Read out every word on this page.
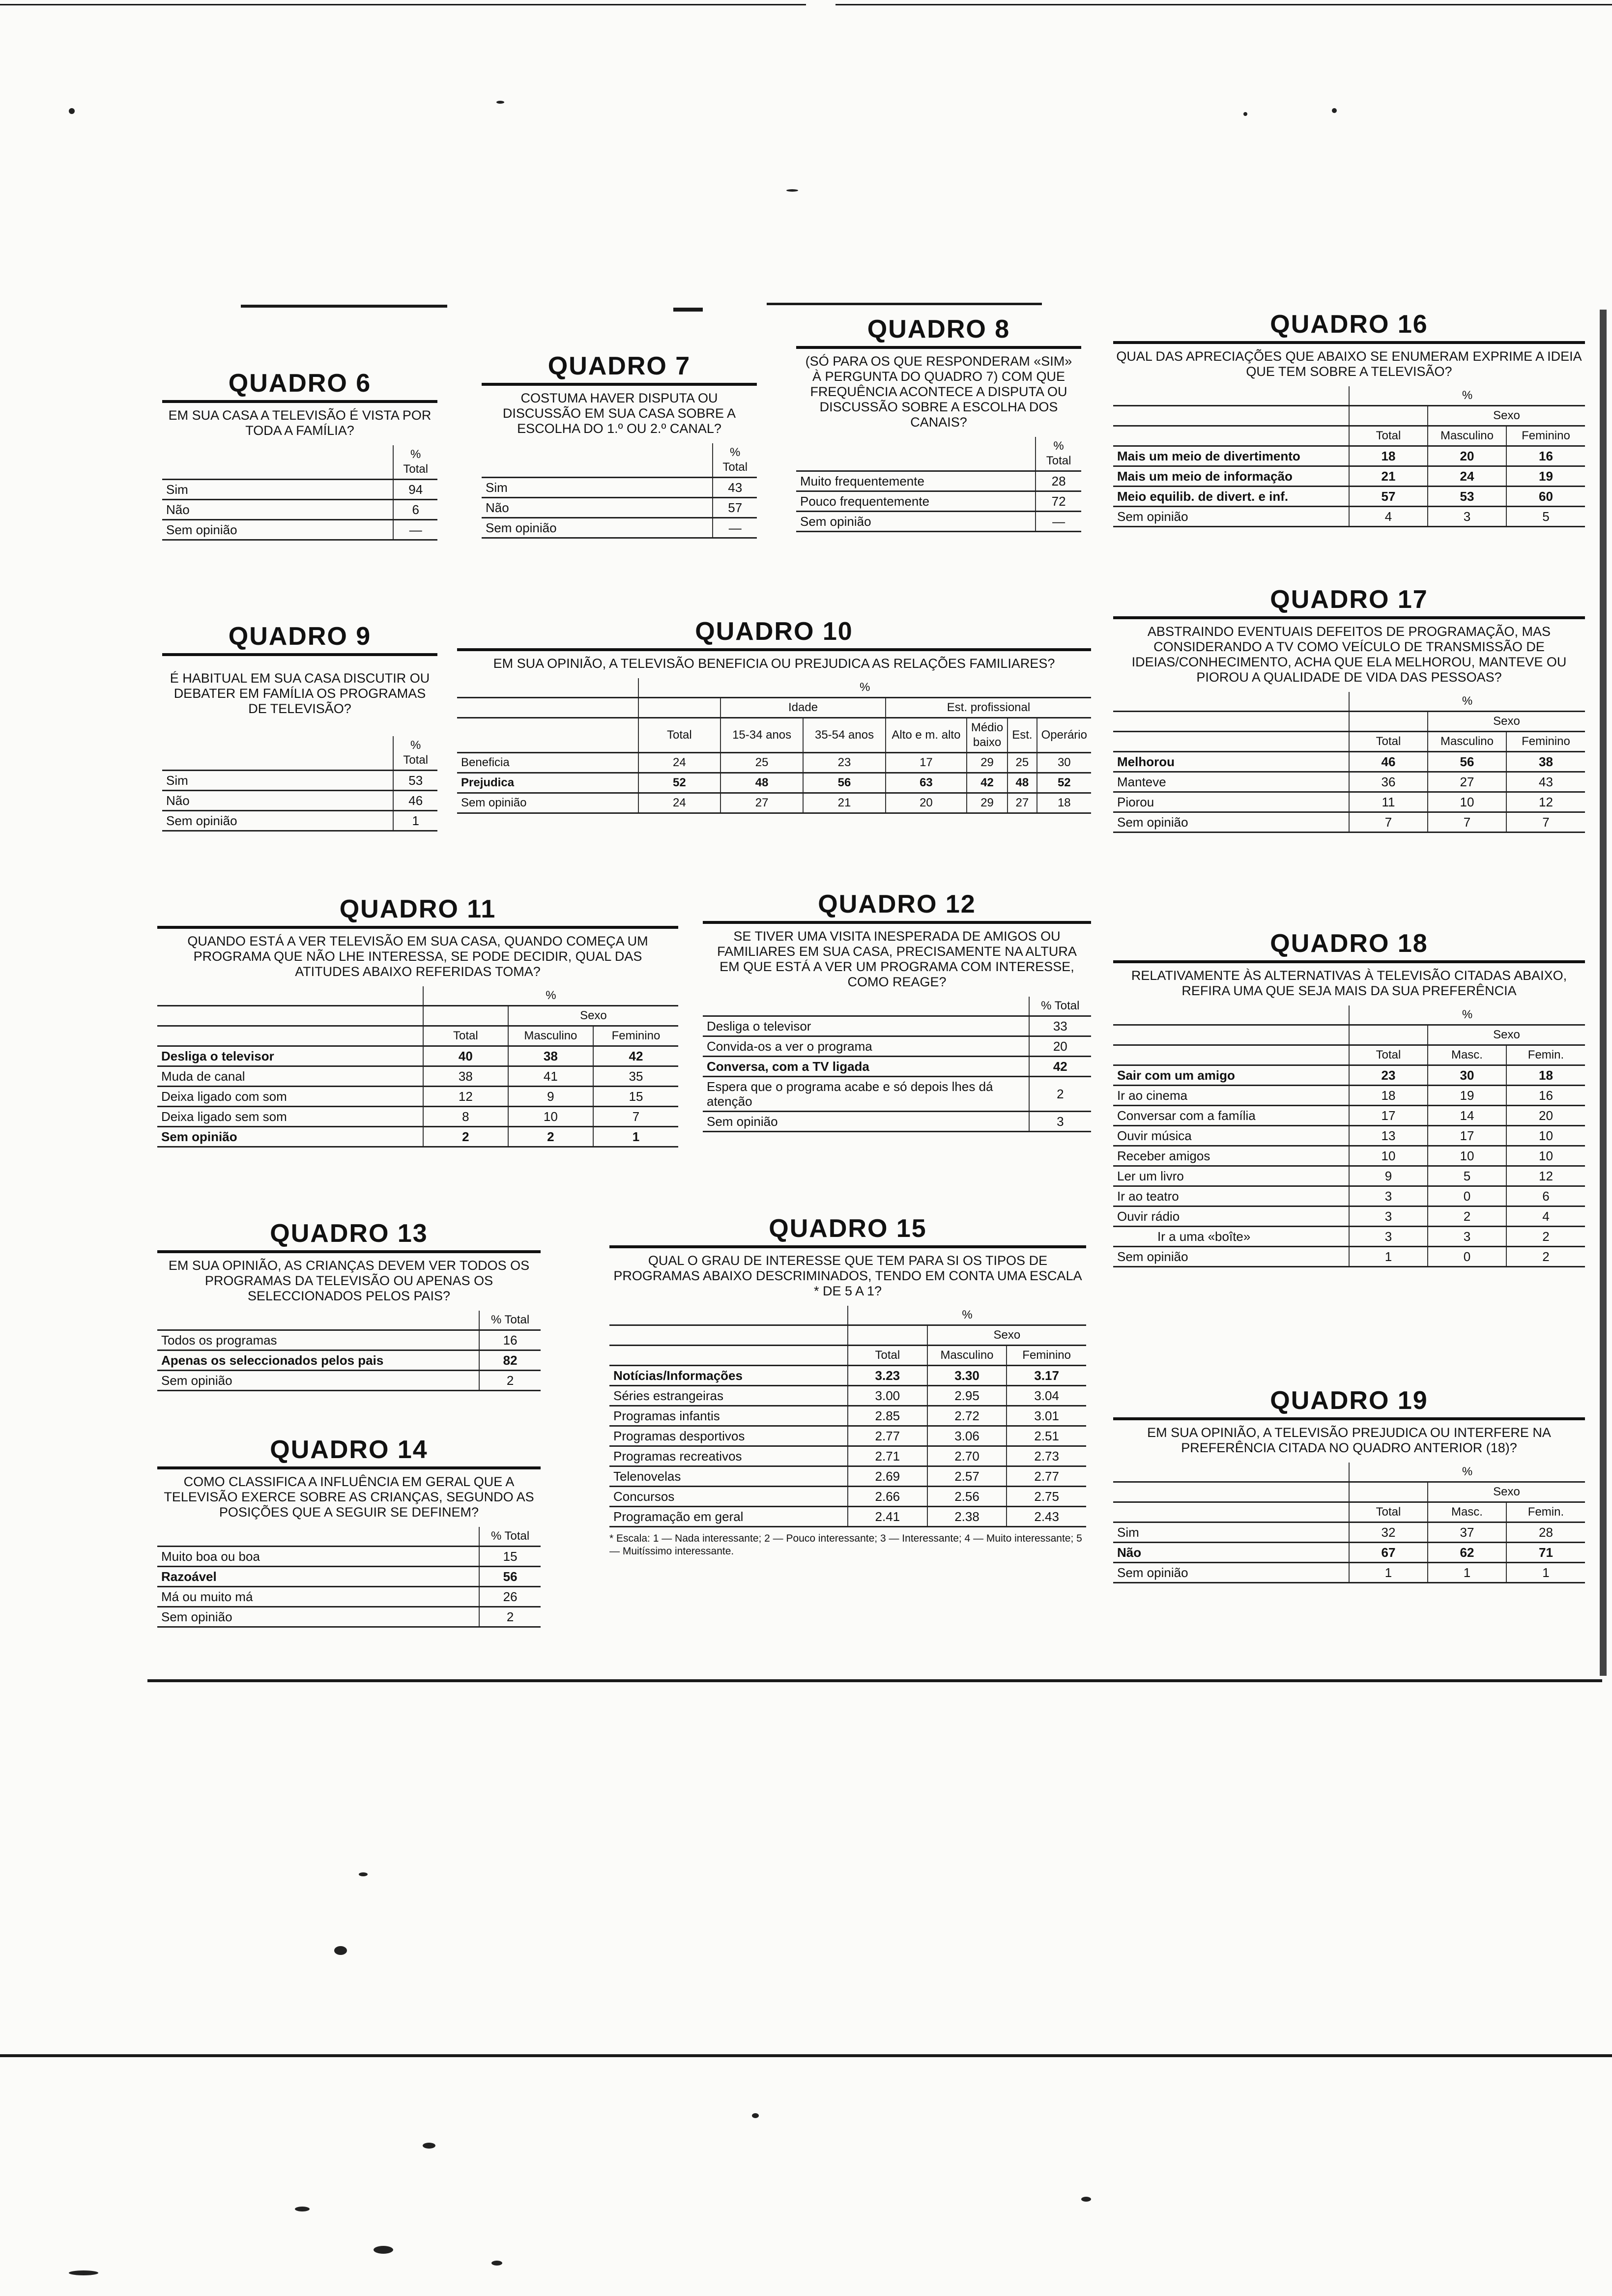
QUADRO 6
EM SUA CASA A TELEVISÃO É VISTA POR TODA A FAMÍLIA?
	% Total
Sim	94
Não	6
Sem opinião	—
QUADRO 7
COSTUMA HAVER DISPUTA OU DISCUSSÃO EM SUA CASA SOBRE A ESCOLHA DO 1.º OU 2.º CANAL?
	% Total
Sim	43
Não	57
Sem opinião	—
QUADRO 8
(SÓ PARA OS QUE RESPONDERAM «SIM» À PERGUNTA DO QUADRO 7) COM QUE FREQUÊNCIA ACONTECE A DISPUTA OU DISCUSSÃO SOBRE A ESCOLHA DOS CANAIS?
	% Total
Muito frequentemente	28
Pouco frequentemente	72
Sem opinião	—
QUADRO 16
QUAL DAS APRECIAÇÕES QUE ABAIXO SE ENUMERAM EXPRIME A IDEIA QUE TEM SOBRE A TELEVISÃO?
	%		
		Sexo	
	Total	Masculino	Feminino
Mais um meio de divertimento	18	20	16
Mais um meio de informação	21	24	19
Meio equilib. de divert. e inf.	57	53	60
Sem opinião	4	3	5
QUADRO 9
É HABITUAL EM SUA CASA DISCUTIR OU DEBATER EM FAMÍLIA OS PROGRAMAS DE TELEVISÃO?
	% Total
Sim	53
Não	46
Sem opinião	1
QUADRO 10
EM SUA OPINIÃO, A TELEVISÃO BENEFICIA OU PREJUDICA AS RELAÇÕES FAMILIARES?
	%						
		Idade		Est. profissional			
	Total	15-34 anos	35-54 anos	Alto e m. alto	Médio baixo	Est.	Operário
Beneficia	24	25	23	17	29	25	30
Prejudica	52	48	56	63	42	48	52
Sem opinião	24	27	21	20	29	27	18
QUADRO 17
ABSTRAINDO EVENTUAIS DEFEITOS DE PROGRAMAÇÃO, MAS CONSIDERANDO A TV COMO VEÍCULO DE TRANSMISSÃO DE IDEIAS/CONHECIMENTO, ACHA QUE ELA MELHOROU, MANTEVE OU PIOROU A QUALIDADE DE VIDA DAS PESSOAS?
	%		
		Sexo	
	Total	Masculino	Feminino
Melhorou	46	56	38
Manteve	36	27	43
Piorou	11	10	12
Sem opinião	7	7	7
QUADRO 11
QUANDO ESTÁ A VER TELEVISÃO EM SUA CASA, QUANDO COMEÇA UM PROGRAMA QUE NÃO LHE INTERESSA, SE PODE DECIDIR, QUAL DAS ATITUDES ABAIXO REFERIDAS TOMA?
	%		
		Sexo	
	Total	Masculino	Feminino
Desliga o televisor	40	38	42
Muda de canal	38	41	35
Deixa ligado com som	12	9	15
Deixa ligado sem som	8	10	7
Sem opinião	2	2	1
QUADRO 12
SE TIVER UMA VISITA INESPERADA DE AMIGOS OU FAMILIARES EM SUA CASA, PRECISAMENTE NA ALTURA EM QUE ESTÁ A VER UM PROGRAMA COM INTERESSE, COMO REAGE?
	% Total
Desliga o televisor	33
Convida-os a ver o programa	20
Conversa, com a TV ligada	42
Espera que o programa acabe e só depois lhes dá atenção	2
Sem opinião	3
QUADRO 18
RELATIVAMENTE ÀS ALTERNATIVAS À TELEVISÃO CITADAS ABAIXO, REFIRA UMA QUE SEJA MAIS DA SUA PREFERÊNCIA
	%		
		Sexo	
	Total	Masc.	Femin.
Sair com um amigo	23	30	18
Ir ao cinema	18	19	16
Conversar com a família	17	14	20
Ouvir música	13	17	10
Receber amigos	10	10	10
Ler um livro	9	5	12
Ir ao teatro	3	0	6
Ouvir rádio	3	2	4
Ir a uma «boîte»	3	3	2
Sem opinião	1	0	2
QUADRO 13
EM SUA OPINIÃO, AS CRIANÇAS DEVEM VER TODOS OS PROGRAMAS DA TELEVISÃO OU APENAS OS SELECCIONADOS PELOS PAIS?
	% Total
Todos os programas	16
Apenas os seleccionados pelos pais	82
Sem opinião	2
QUADRO 14
COMO CLASSIFICA A INFLUÊNCIA EM GERAL QUE A TELEVISÃO EXERCE SOBRE AS CRIANÇAS, SEGUNDO AS POSIÇÕES QUE A SEGUIR SE DEFINEM?
	% Total
Muito boa ou boa	15
Razoável	56
Má ou muito má	26
Sem opinião	2
QUADRO 15
QUAL O GRAU DE INTERESSE QUE TEM PARA SI OS TIPOS DE PROGRAMAS ABAIXO DESCRIMINADOS, TENDO EM CONTA UMA ESCALA * DE 5 A 1?
	%		
		Sexo	
	Total	Masculino	Feminino
Notícias/Informações	3.23	3.30	3.17
Séries estrangeiras	3.00	2.95	3.04
Programas infantis	2.85	2.72	3.01
Programas desportivos	2.77	3.06	2.51
Programas recreativos	2.71	2.70	2.73
Telenovelas	2.69	2.57	2.77
Concursos	2.66	2.56	2.75
Programação em geral	2.41	2.38	2.43
* Escala: 1 — Nada interessante; 2 — Pouco interessante; 3 — Interessante; 4 — Muito interessante; 5 — Muitíssimo interessante.
QUADRO 19
EM SUA OPINIÃO, A TELEVISÃO PREJUDICA OU INTERFERE NA PREFERÊNCIA CITADA NO QUADRO ANTERIOR (18)?
	%		
		Sexo	
	Total	Masc.	Femin.
Sim	32	37	28
Não	67	62	71
Sem opinião	1	1	1
